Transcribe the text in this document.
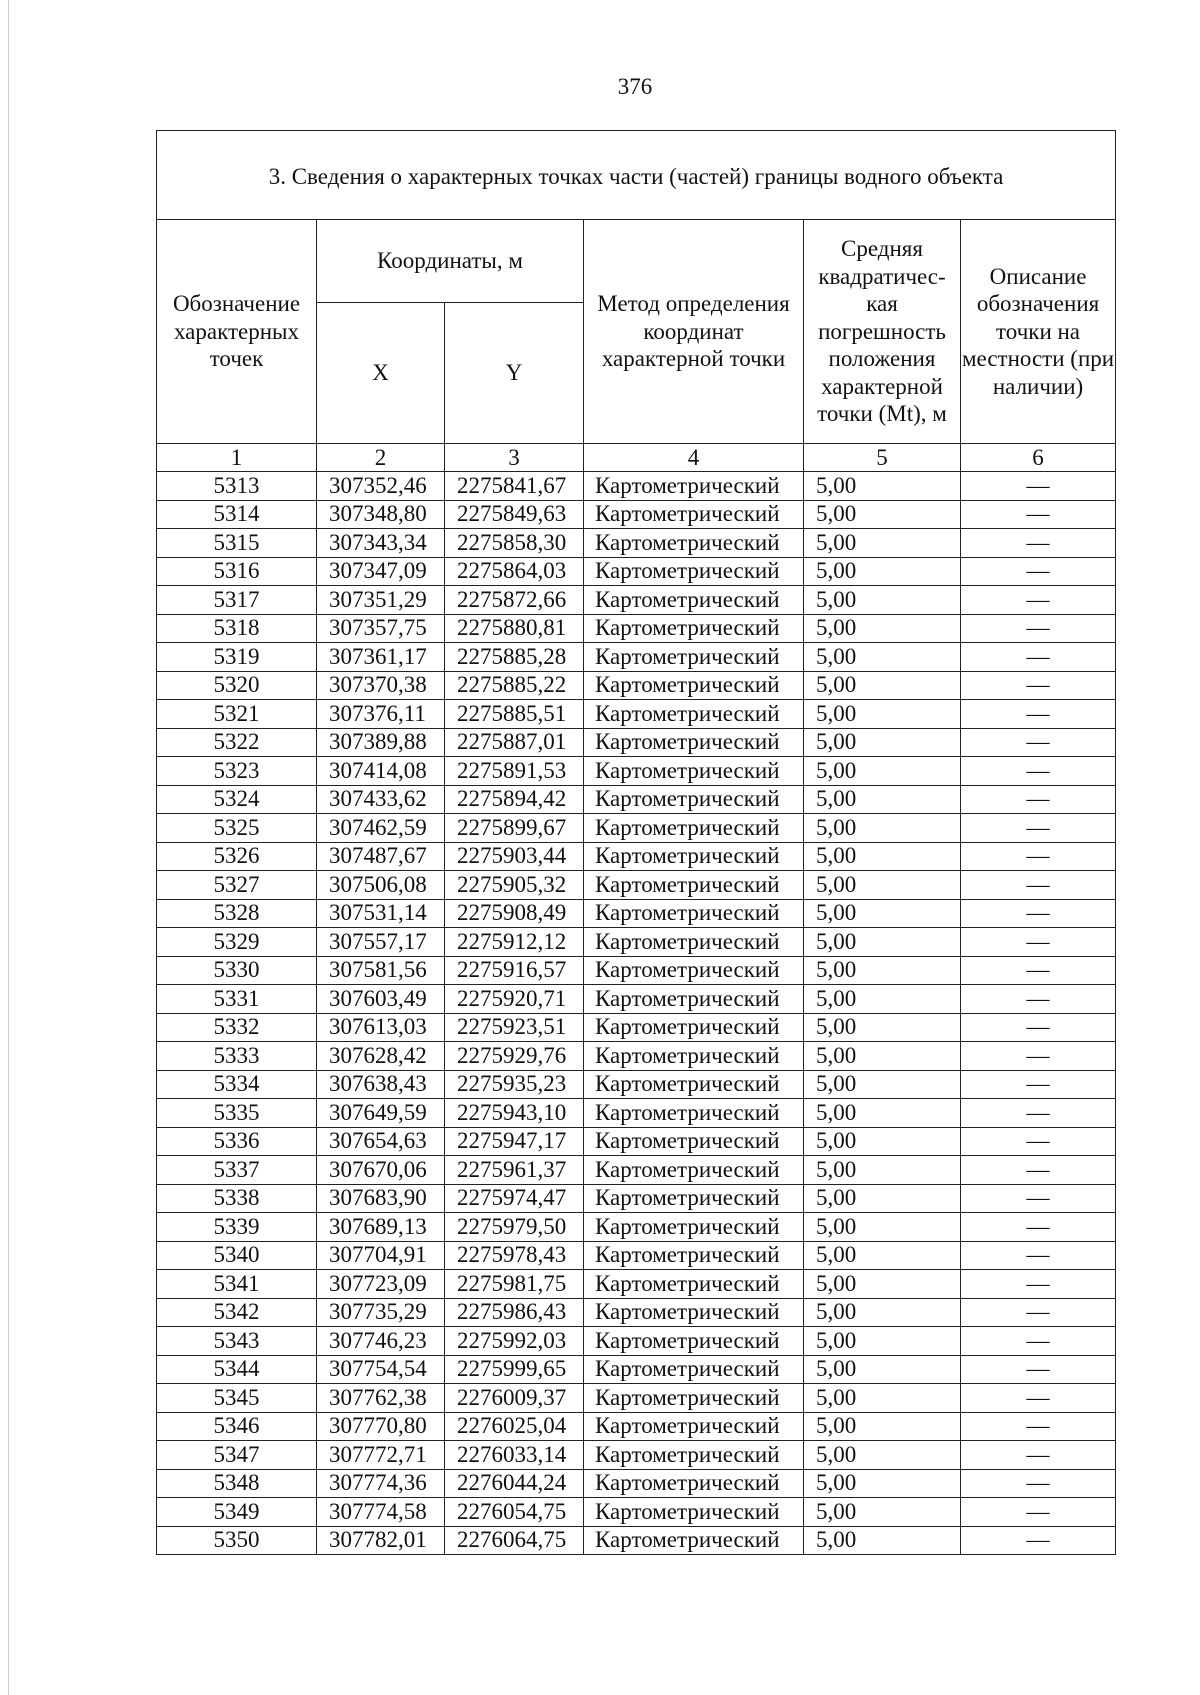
376
3. Сведения о характерных точках части (частей) границы водного объекта					
Обозначение характерных точек	Координаты, м		Метод определения координат характерной точки	Средняя квадратичес-кая погрешность положения характерной точки (Mt), м	Описание обозначения точки на местности (при наличии)
	X	Y			
1	2	3	4	5	6
5313	307352,46	2275841,67	Картометрический	5,00	—
5314	307348,80	2275849,63	Картометрический	5,00	—
5315	307343,34	2275858,30	Картометрический	5,00	—
5316	307347,09	2275864,03	Картометрический	5,00	—
5317	307351,29	2275872,66	Картометрический	5,00	—
5318	307357,75	2275880,81	Картометрический	5,00	—
5319	307361,17	2275885,28	Картометрический	5,00	—
5320	307370,38	2275885,22	Картометрический	5,00	—
5321	307376,11	2275885,51	Картометрический	5,00	—
5322	307389,88	2275887,01	Картометрический	5,00	—
5323	307414,08	2275891,53	Картометрический	5,00	—
5324	307433,62	2275894,42	Картометрический	5,00	—
5325	307462,59	2275899,67	Картометрический	5,00	—
5326	307487,67	2275903,44	Картометрический	5,00	—
5327	307506,08	2275905,32	Картометрический	5,00	—
5328	307531,14	2275908,49	Картометрический	5,00	—
5329	307557,17	2275912,12	Картометрический	5,00	—
5330	307581,56	2275916,57	Картометрический	5,00	—
5331	307603,49	2275920,71	Картометрический	5,00	—
5332	307613,03	2275923,51	Картометрический	5,00	—
5333	307628,42	2275929,76	Картометрический	5,00	—
5334	307638,43	2275935,23	Картометрический	5,00	—
5335	307649,59	2275943,10	Картометрический	5,00	—
5336	307654,63	2275947,17	Картометрический	5,00	—
5337	307670,06	2275961,37	Картометрический	5,00	—
5338	307683,90	2275974,47	Картометрический	5,00	—
5339	307689,13	2275979,50	Картометрический	5,00	—
5340	307704,91	2275978,43	Картометрический	5,00	—
5341	307723,09	2275981,75	Картометрический	5,00	—
5342	307735,29	2275986,43	Картометрический	5,00	—
5343	307746,23	2275992,03	Картометрический	5,00	—
5344	307754,54	2275999,65	Картометрический	5,00	—
5345	307762,38	2276009,37	Картометрический	5,00	—
5346	307770,80	2276025,04	Картометрический	5,00	—
5347	307772,71	2276033,14	Картометрический	5,00	—
5348	307774,36	2276044,24	Картометрический	5,00	—
5349	307774,58	2276054,75	Картометрический	5,00	—
5350	307782,01	2276064,75	Картометрический	5,00	—
